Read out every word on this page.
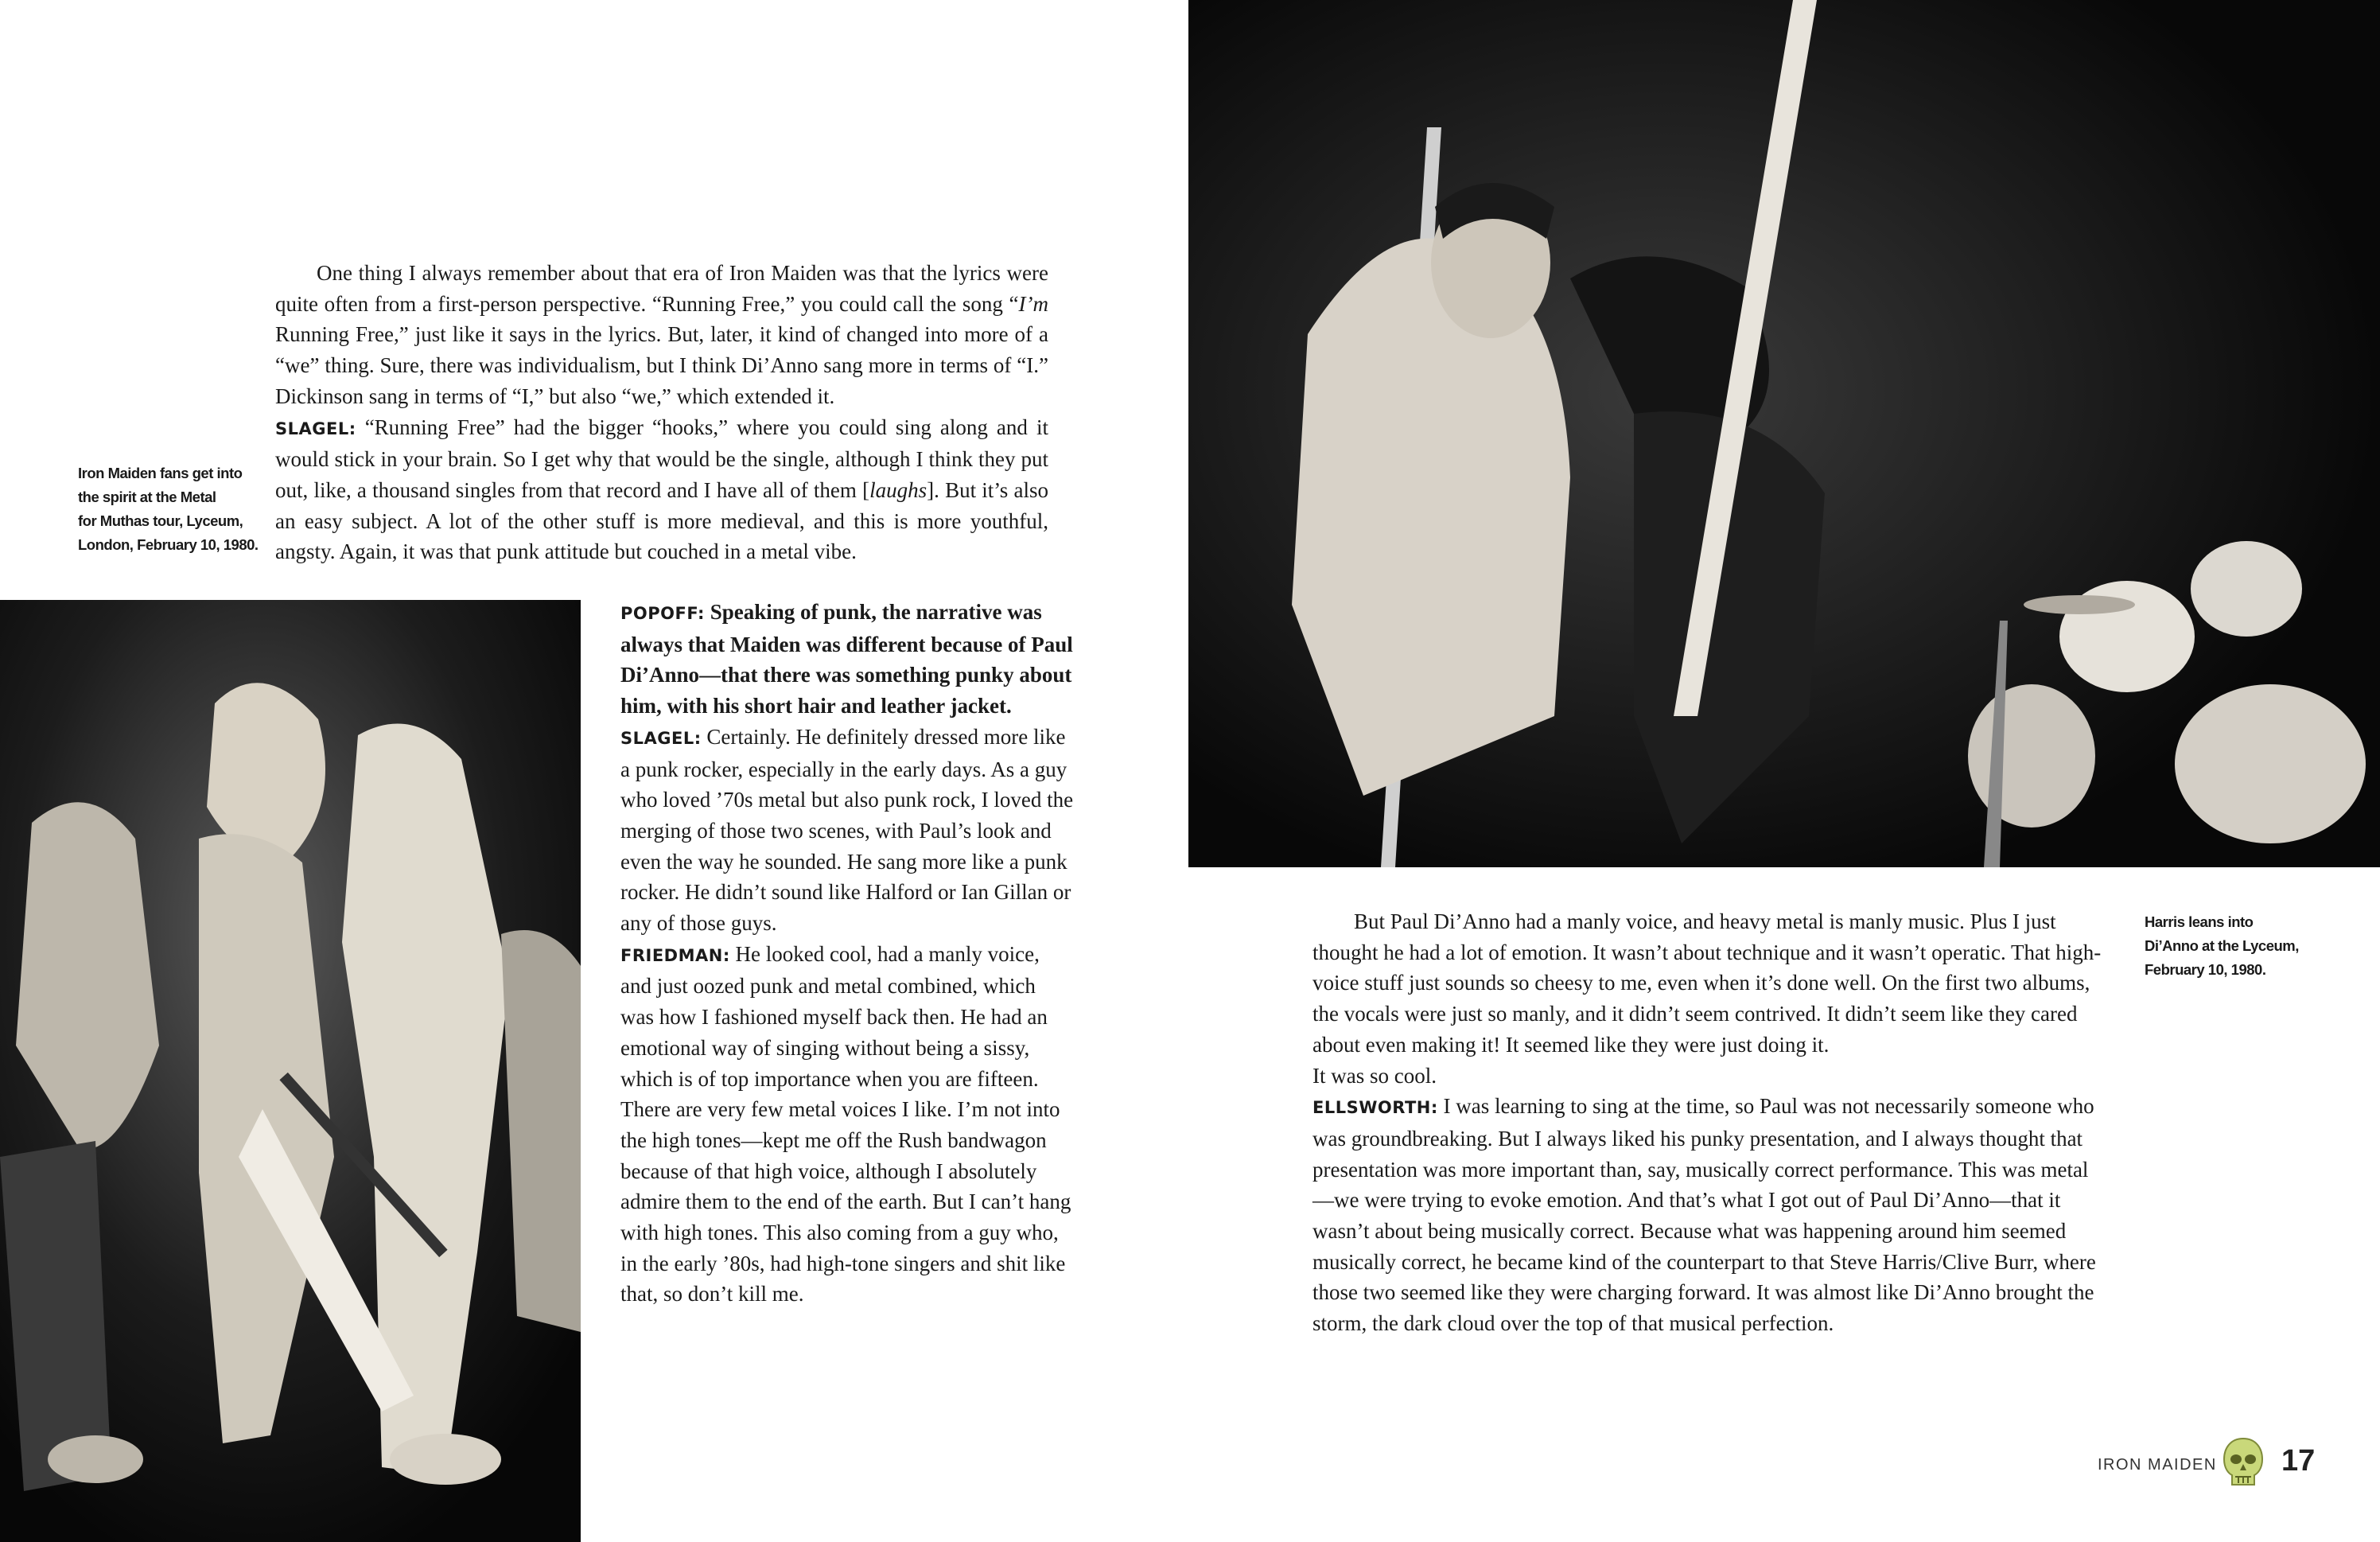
One thing I always remember about that era of Iron Maiden was that the lyrics were quite often from a first-person perspective. “Running Free,” you could call the song “I’m Running Free,” just like it says in the lyrics. But, later, it kind of changed into more of a “we” thing. Sure, there was individualism, but I think Di’Anno sang more in terms of “I.” Dickinson sang in terms of “I,” but also “we,” which extended it.

SLAGEL: “Running Free” had the bigger “hooks,” where you could sing along and it would stick in your brain. So I get why that would be the single, although I think they put out, like, a thousand singles from that record and I have all of them [laughs]. But it’s also an easy subject. A lot of the other stuff is more medieval, and this is more youthful, angsty. Again, it was that punk attitude but couched in a metal vibe.

Iron Maiden fans get into
the spirit at the Metal
for Muthas tour, Lyceum,
London, February 10, 1980.

POPOFF: Speaking of punk, the narrative was always that Maiden was different because of Paul Di’Anno—that there was something punky about him, with his short hair and leather jacket.

SLAGEL: Certainly. He definitely dressed more like a punk rocker, especially in the early days. As a guy who loved ’70s metal but also punk rock, I loved the merging of those two scenes, with Paul’s look and even the way he sounded. He sang more like a punk rocker. He didn’t sound like Halford or Ian Gillan or any of those guys.

FRIEDMAN: He looked cool, had a manly voice, and just oozed punk and metal combined, which was how I fashioned myself back then. He had an emotional way of singing without being a sissy, which is of top importance when you are fifteen. There are very few metal voices I like. I’m not into the high tones—kept me off the Rush bandwagon because of that high voice, although I absolutely admire them to the end of the earth. But I can’t hang with high tones. This also coming from a guy who, in the early ’80s, had high-tone singers and shit like that, so don’t kill me.

But Paul Di’Anno had a manly voice, and heavy metal is manly music. Plus I just thought he had a lot of emotion. It wasn’t about technique and it wasn’t operatic. That high-voice stuff just sounds so cheesy to me, even when it’s done well. On the first two albums, the vocals were just so manly, and it didn’t seem contrived. It didn’t seem like they cared about even making it! It seemed like they were just doing it.

It was so cool.

ELLSWORTH: I was learning to sing at the time, so Paul was not necessarily someone who was groundbreaking. But I always liked his punky presentation, and I always thought that presentation was more important than, say, musically correct performance. This was metal—we were trying to evoke emotion. And that’s what I got out of Paul Di’Anno—that it wasn’t about being musically correct. Because what was happening around him seemed musically correct, he became kind of the counterpart to that Steve Harris/Clive Burr, where those two seemed like they were charging forward. It was almost like Di’Anno brought the storm, the dark cloud over the top of that musical perfection.

Harris leans into
Di’Anno at the Lyceum,
February 10, 1980.
IRON MAIDEN 17
